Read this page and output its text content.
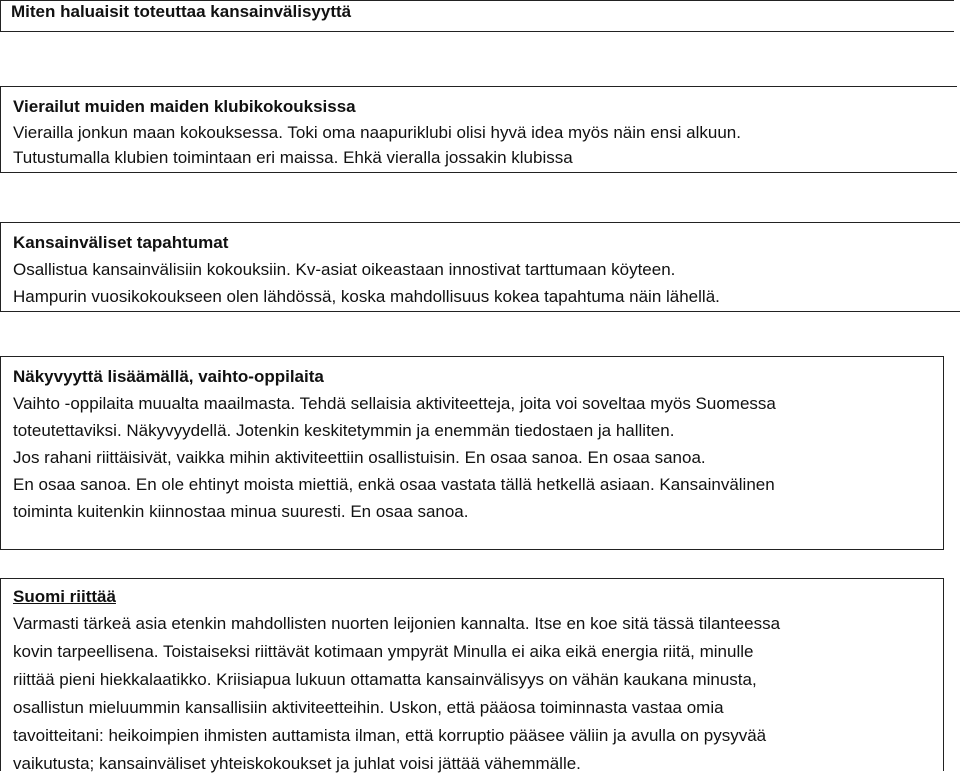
Miten haluaisit toteuttaa kansainvälisyyttä
Vierailut muiden maiden klubikokouksissa
Vierailla jonkun maan kokouksessa. Toki oma naapuriklubi olisi hyvä idea myös näin ensi alkuun.
Tutustumalla klubien toimintaan eri maissa. Ehkä vieralla jossakin klubissa
Kansainväliset tapahtumat
Osallistua kansainvälisiin kokouksiin. Kv-asiat oikeastaan innostivat tarttumaan köyteen.
Hampurin vuosikokoukseen olen lähdössä, koska mahdollisuus kokea tapahtuma näin lähellä.
Näkyvyyttä lisäämällä, vaihto-oppilaita
Vaihto -oppilaita muualta maailmasta. Tehdä sellaisia aktiviteetteja, joita voi soveltaa myös Suomessa
toteutettaviksi. Näkyvyydellä. Jotenkin keskitetymmin ja enemmän tiedostaen ja halliten.
Jos rahani riittäisivät, vaikka mihin aktiviteettiin osallistuisin. En osaa sanoa. En osaa sanoa.
En osaa sanoa. En ole ehtinyt moista miettiä, enkä osaa vastata tällä hetkellä asiaan. Kansainvälinen
toiminta kuitenkin kiinnostaa minua suuresti. En osaa sanoa.
Suomi riittää
Varmasti tärkeä asia etenkin mahdollisten nuorten leijonien kannalta. Itse en koe sitä tässä tilanteessa
kovin tarpeellisena. Toistaiseksi riittävät kotimaan ympyrät Minulla ei aika eikä energia riitä, minulle
riittää pieni hiekkalaatikko. Kriisiapua lukuun ottamatta kansainvälisyys on vähän kaukana minusta,
osallistun mieluummin kansallisiin aktiviteetteihin. Uskon, että pääosa toiminnasta vastaa omia
tavoitteitani: heikoimpien ihmisten auttamista ilman, että korruptio pääsee väliin ja avulla on pysyvää
vaikutusta; kansainväliset yhteiskokoukset ja juhlat voisi jättää vähemmälle.
